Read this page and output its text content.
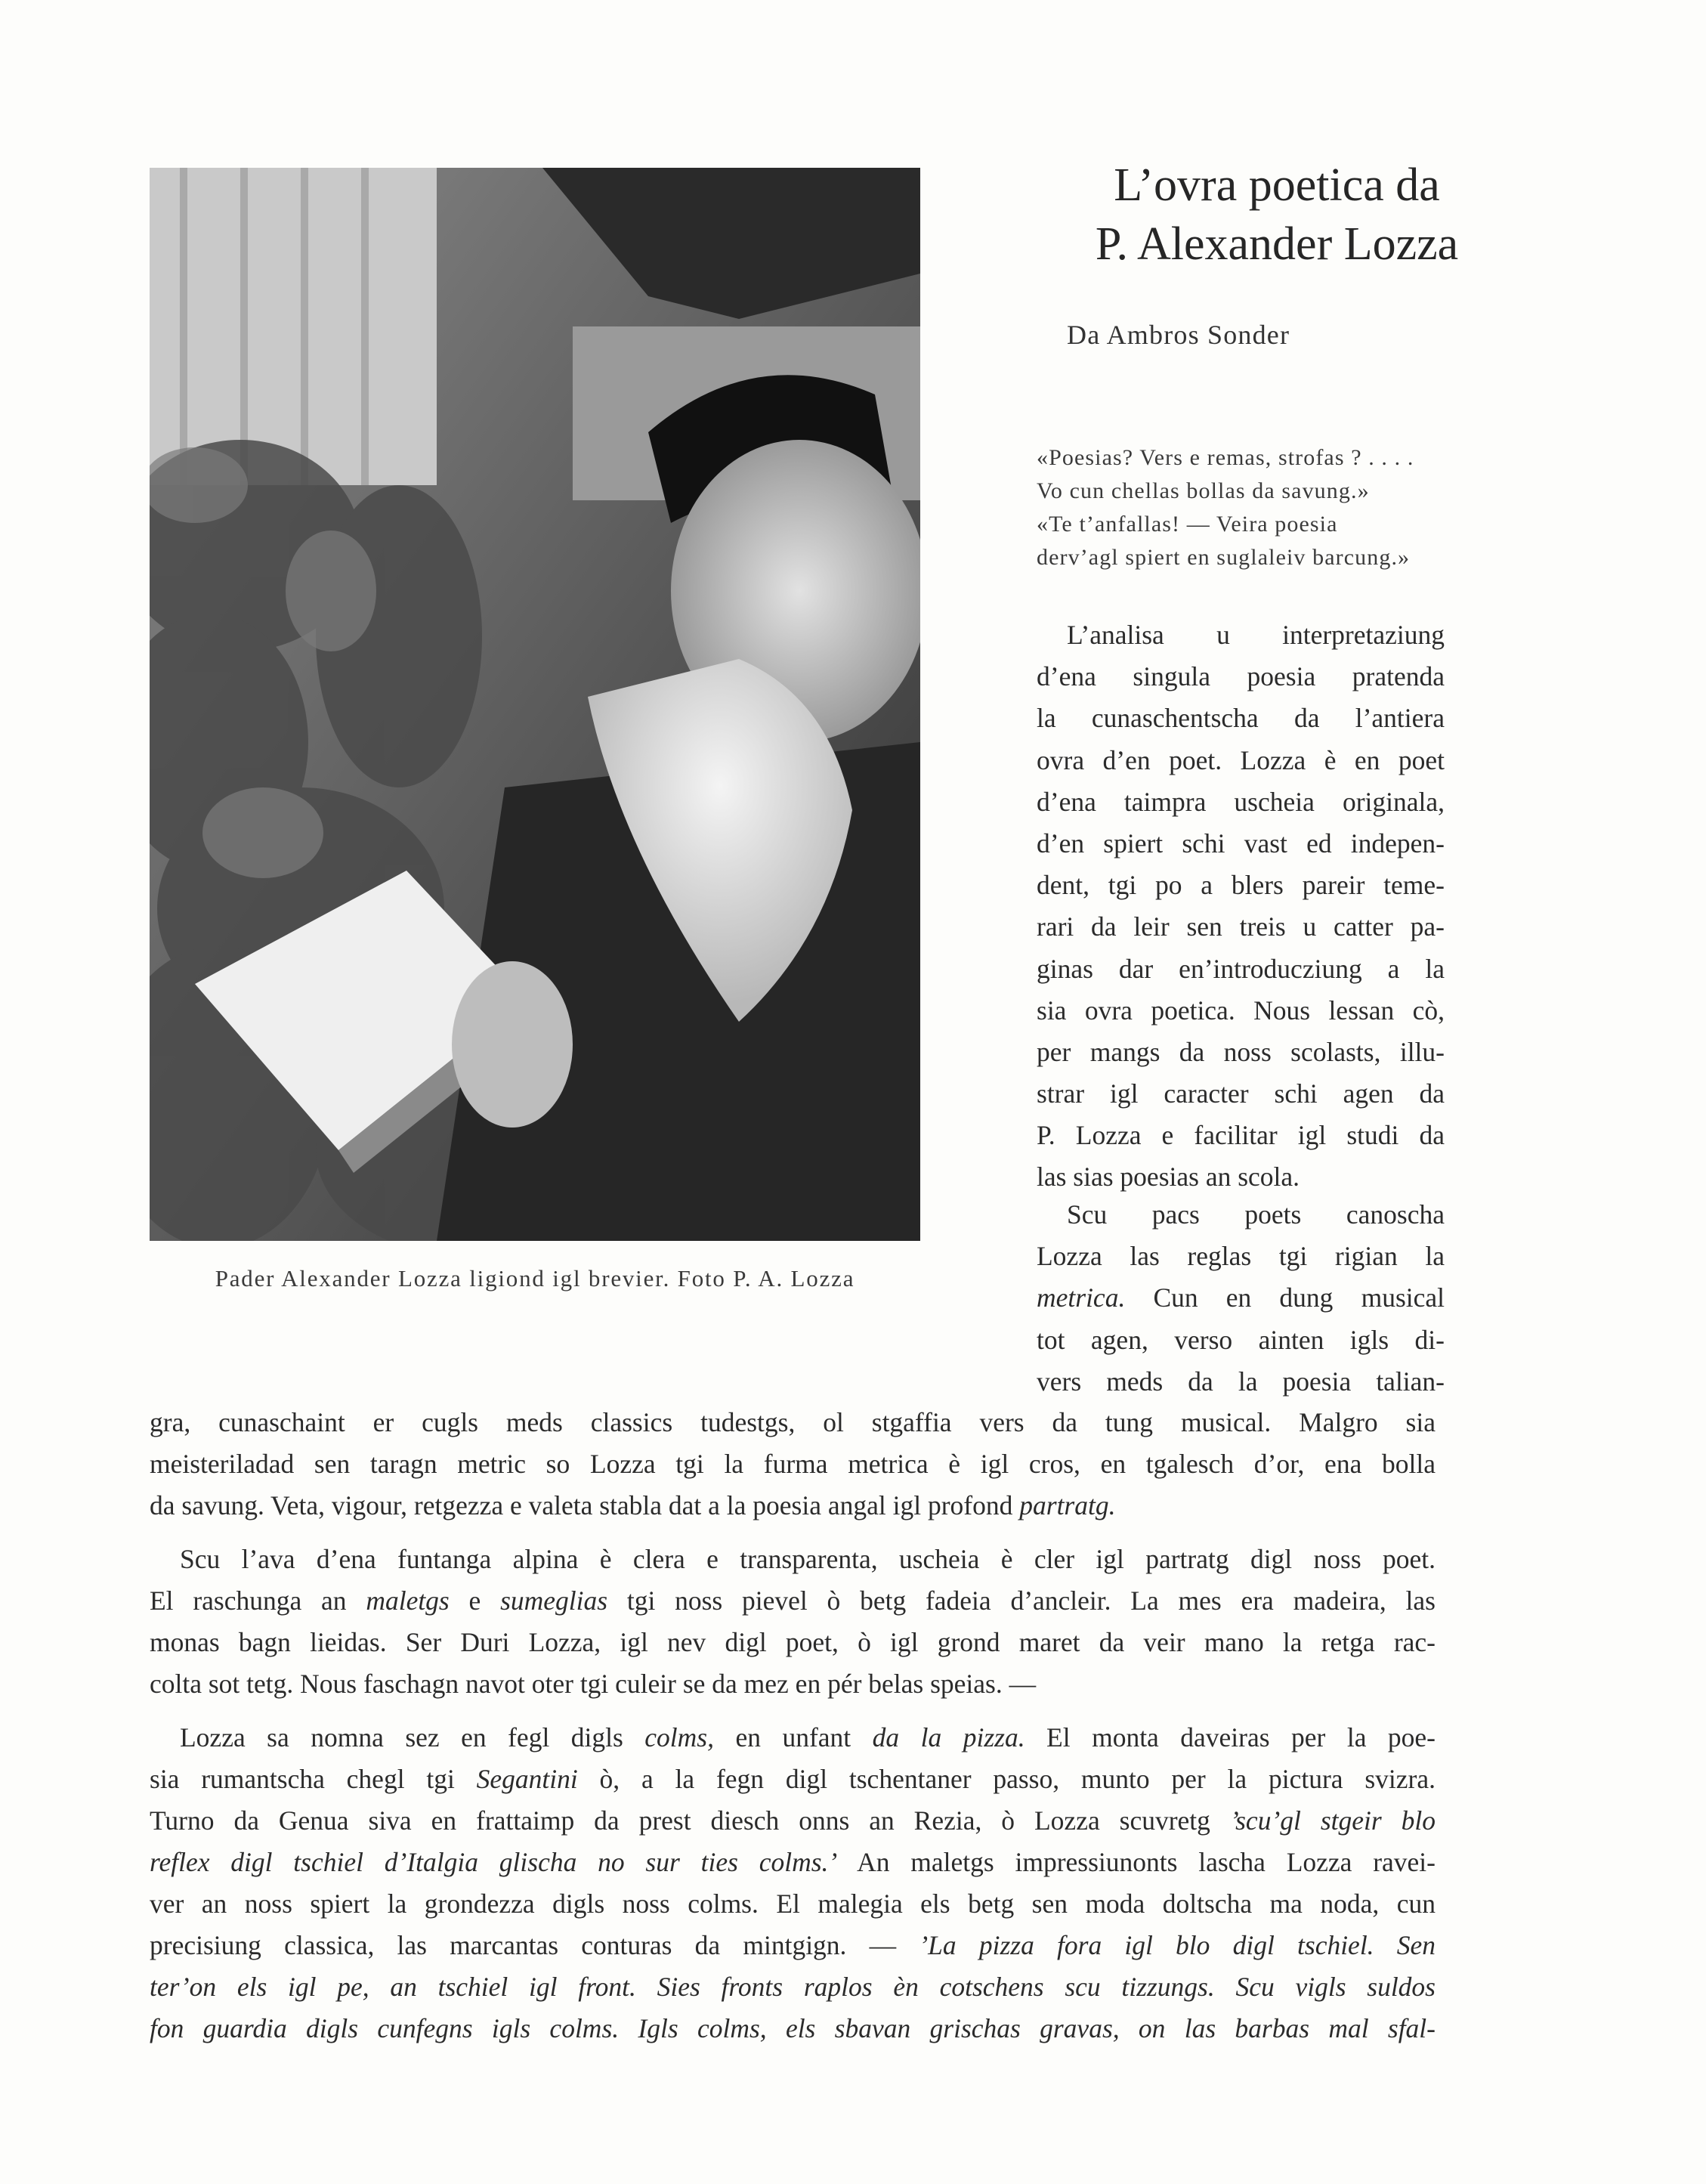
Pader Alexander Lozza ligiond igl brevier. Foto P. A. Lozza
L’ovra poetica da
P. Alexander Lozza
Da Ambros Sonder
«Poesias? Vers e remas, strofas ? . . . .
Vo cun chellas bollas da savung.»
«Te t’anfallas! — Veira poesia
derv’agl spiert en suglaleiv barcung.»
L’analisa u interpretaziung
d’ena singula poesia pratenda
la cunaschentscha da l’antiera
ovra d’en poet. Lozza è en poet
d’ena taimpra uscheia originala,
d’en spiert schi vast ed indepen-
dent, tgi po a blers pareir teme-
rari da leir sen treis u catter pa-
ginas dar en’introducziung a la
sia ovra poetica. Nous lessan cò,
per mangs da noss scolasts, illu-
strar igl caracter schi agen da
P. Lozza e facilitar igl studi da
las sias poesias an scola.
Scu pacs poets canoscha
Lozza las reglas tgi rigian la
metrica. Cun en dung musical
tot agen, verso ainten igls di-
vers meds da la poesia talian-
gra, cunaschaint er cugls meds classics tudestgs, ol stgaffia vers da tung musical. Malgro sia
meisteriladad sen taragn metric so Lozza tgi la furma metrica è igl cros, en tgalesch d’or, ena bolla
da savung. Veta, vigour, retgezza e valeta stabla dat a la poesia angal igl profond partratg.
Scu l’ava d’ena funtanga alpina è clera e transparenta, uscheia è cler igl partratg digl noss poet.
El raschunga an maletgs e sumeglias tgi noss pievel ò betg fadeia d’ancleir. La mes era madeira, las
monas bagn lieidas. Ser Duri Lozza, igl nev digl poet, ò igl grond maret da veir mano la retga rac-
colta sot tetg. Nous faschagn navot oter tgi culeir se da mez en pér belas speias. —
Lozza sa nomna sez en fegl digls colms, en unfant da la pizza. El monta daveiras per la poe-
sia rumantscha chegl tgi Segantini ò, a la fegn digl tschentaner passo, munto per la pictura svizra.
Turno da Genua siva en frattaimp da prest diesch onns an Rezia, ò Lozza scuvretg ’scu’gl stgeir blo
reflex digl tschiel d’Italgia glischa no sur ties colms.’ An maletgs impressiunonts lascha Lozza ravei-
ver an noss spiert la grondezza digls noss colms. El malegia els betg sen moda doltscha ma noda, cun
precisiung classica, las marcantas conturas da mintgign. — ’La pizza fora igl blo digl tschiel. Sen
ter’on els igl pe, an tschiel igl front. Sies fronts raplos èn cotschens scu tizzungs. Scu vigls suldos
fon guardia digls cunfegns igls colms. Igls colms, els sbavan grischas gravas, on las barbas mal sfal-
